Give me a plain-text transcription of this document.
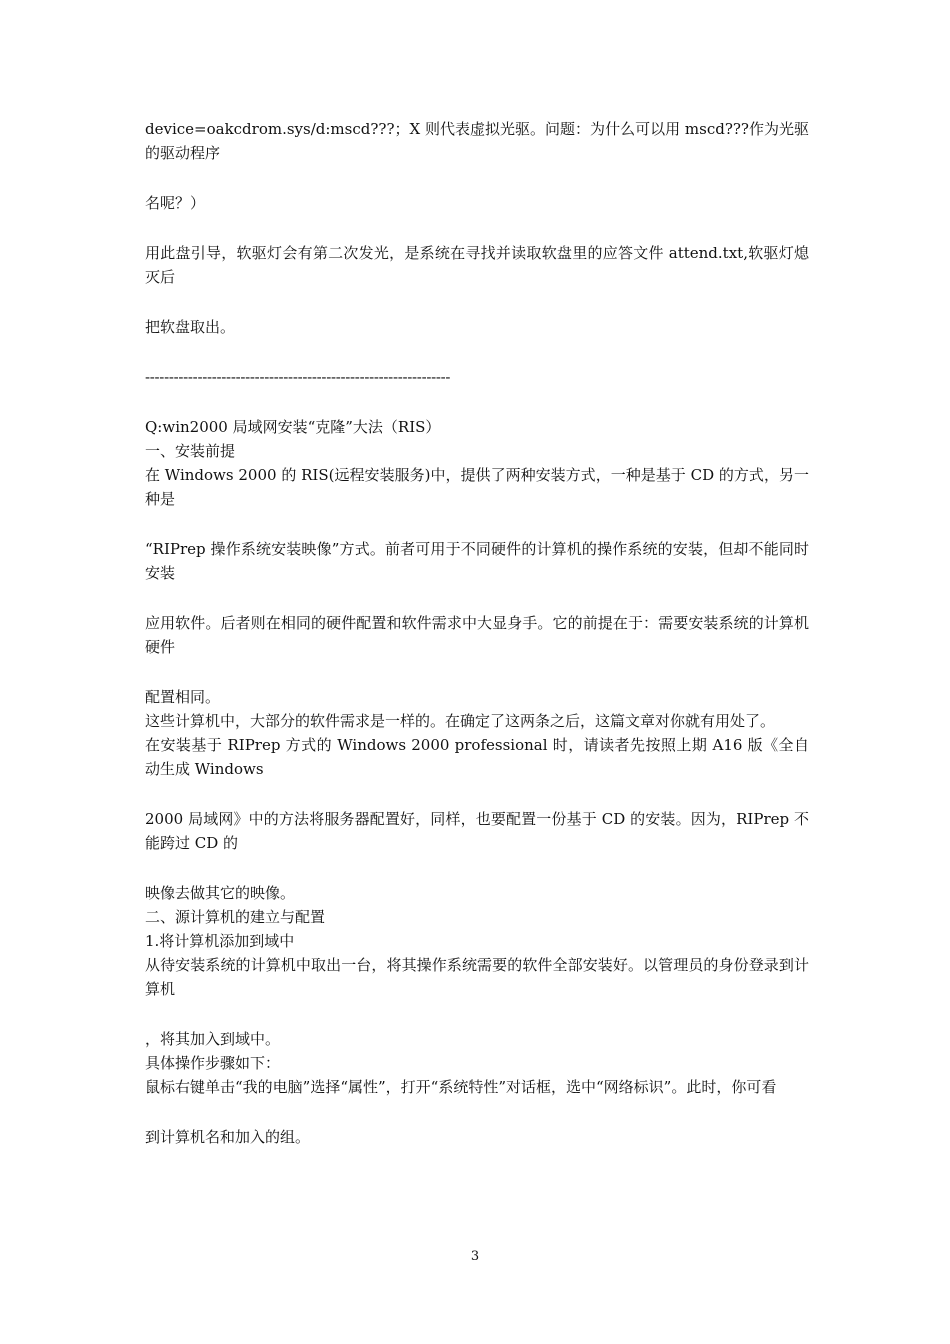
device=oakcdrom.sys/d:mscd???；X 则代表虚拟光驱。问题：为什么可以用 mscd???作为光驱的驱动程序

名呢？）

用此盘引导，软驱灯会有第二次发光，是系统在寻找并读取软盘里的应答文件 attend.txt,软驱灯熄灭后

把软盘取出。

----------------------------------------------------------------

Q:win2000 局域网安装“克隆”大法（RIS）

一、安装前提

在 Windows 2000 的 RIS(远程安装服务)中，提供了两种安装方式，一种是基于 CD 的方式，另一种是

“RIPrep 操作系统安装映像”方式。前者可用于不同硬件的计算机的操作系统的安装，但却不能同时安装

应用软件。后者则在相同的硬件配置和软件需求中大显身手。它的前提在于：需要安装系统的计算机硬件

配置相同。

这些计算机中，大部分的软件需求是一样的。在确定了这两条之后，这篇文章对你就有用处了。

在安装基于 RIPrep 方式的 Windows 2000 professional 时，请读者先按照上期 A16 版《全自动生成 Windows

2000 局域网》中的方法将服务器配置好，同样，也要配置一份基于 CD 的安装。因为，RIPrep 不能跨过 CD 的

映像去做其它的映像。

二、源计算机的建立与配置

1.将计算机添加到域中

从待安装系统的计算机中取出一台，将其操作系统需要的软件全部安装好。以管理员的身份登录到计算机

，将其加入到域中。

具体操作步骤如下：

鼠标右键单击“我的电脑”选择“属性”，打开“系统特性”对话框，选中“网络标识”。此时，你可看

到计算机名和加入的组。

3
